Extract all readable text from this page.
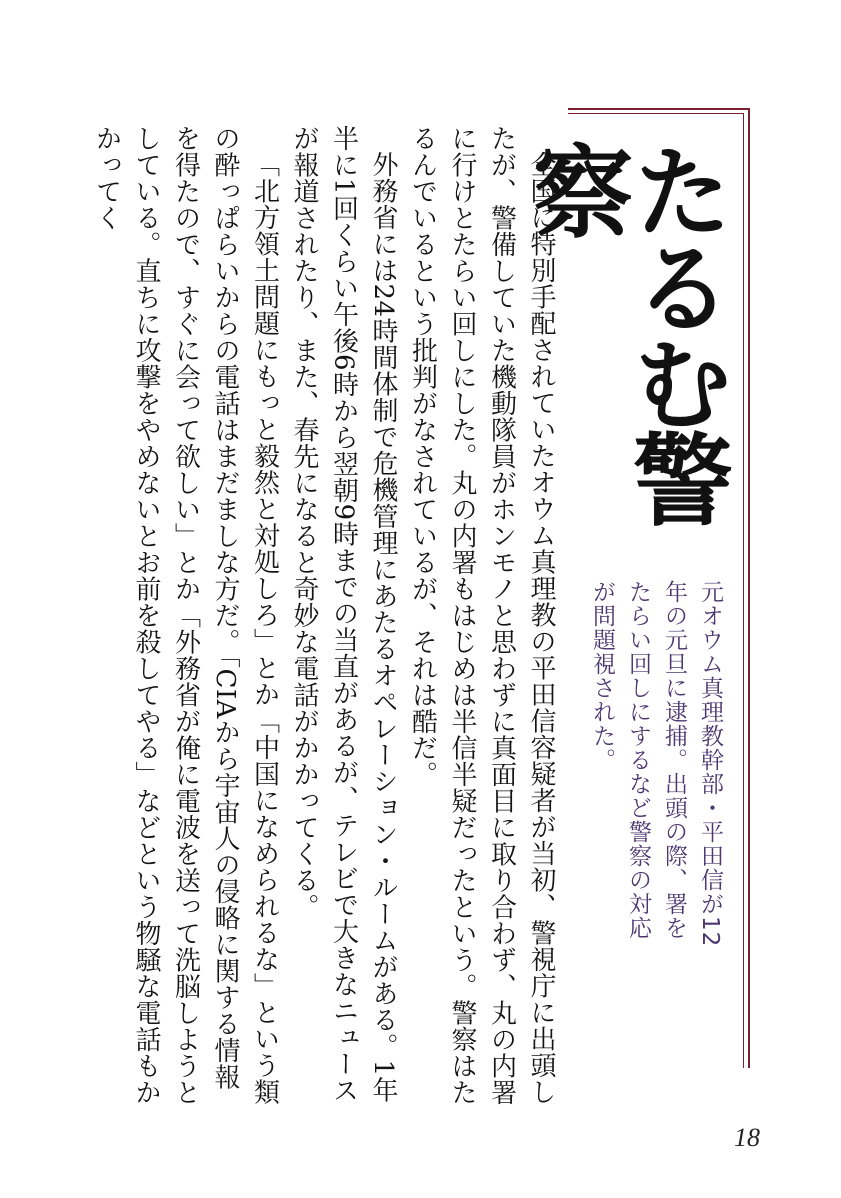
たるむ警察
元オウム真理教幹部・平田信が12年の元旦に逮捕。出頭の際、署をたらい回しにするなど警察の対応が問題視された。

全国に特別手配されていたオウム真理教の平田信容疑者が当初、警視庁に出頭したが、警備していた機動隊員がホンモノと思わずに真面目に取り合わず、丸の内署に行けとたらい回しにした。丸の内署もはじめは半信半疑だったという。警察はたるんでいるという批判がなされているが、それは酷だ。

外務省には24時間体制で危機管理にあたるオペレーション・ルームがある。1年半に1回くらい午後6時から翌朝9時までの当直があるが、テレビで大きなニュースが報道されたり、また、春先になると奇妙な電話がかかってくる。

「北方領土問題にもっと毅然と対処しろ」とか「中国になめられるな」という類の酔っぱらいからの電話はまだましな方だ。「CIAから宇宙人の侵略に関する情報を得たので、すぐに会って欲しい」とか「外務省が俺に電波を送って洗脳しようとしている。直ちに攻撃をやめないとお前を殺してやる」などという物騒な電話もかかってく

18
